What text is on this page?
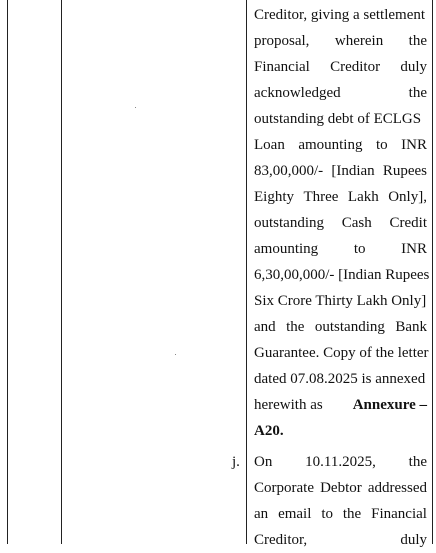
Creditor, giving a settlement
proposal, wherein the
Financial Creditor duly
acknowledged	the
outstanding debt of ECLGS
Loan amounting to INR
83,00,000/- [Indian Rupees
Eighty Three Lakh Only],
outstanding Cash Credit
amounting to INR
6,30,00,000/- [Indian Rupees
Six Crore Thirty Lakh Only]
and the outstanding Bank
Guarantee. Copy of the letter
dated 07.08.2025 is annexed
herewith as Annexure –
A20.
j. On 10.11.2025, the
Corporate Debtor addressed
an email to the Financial
Creditor,	duly
